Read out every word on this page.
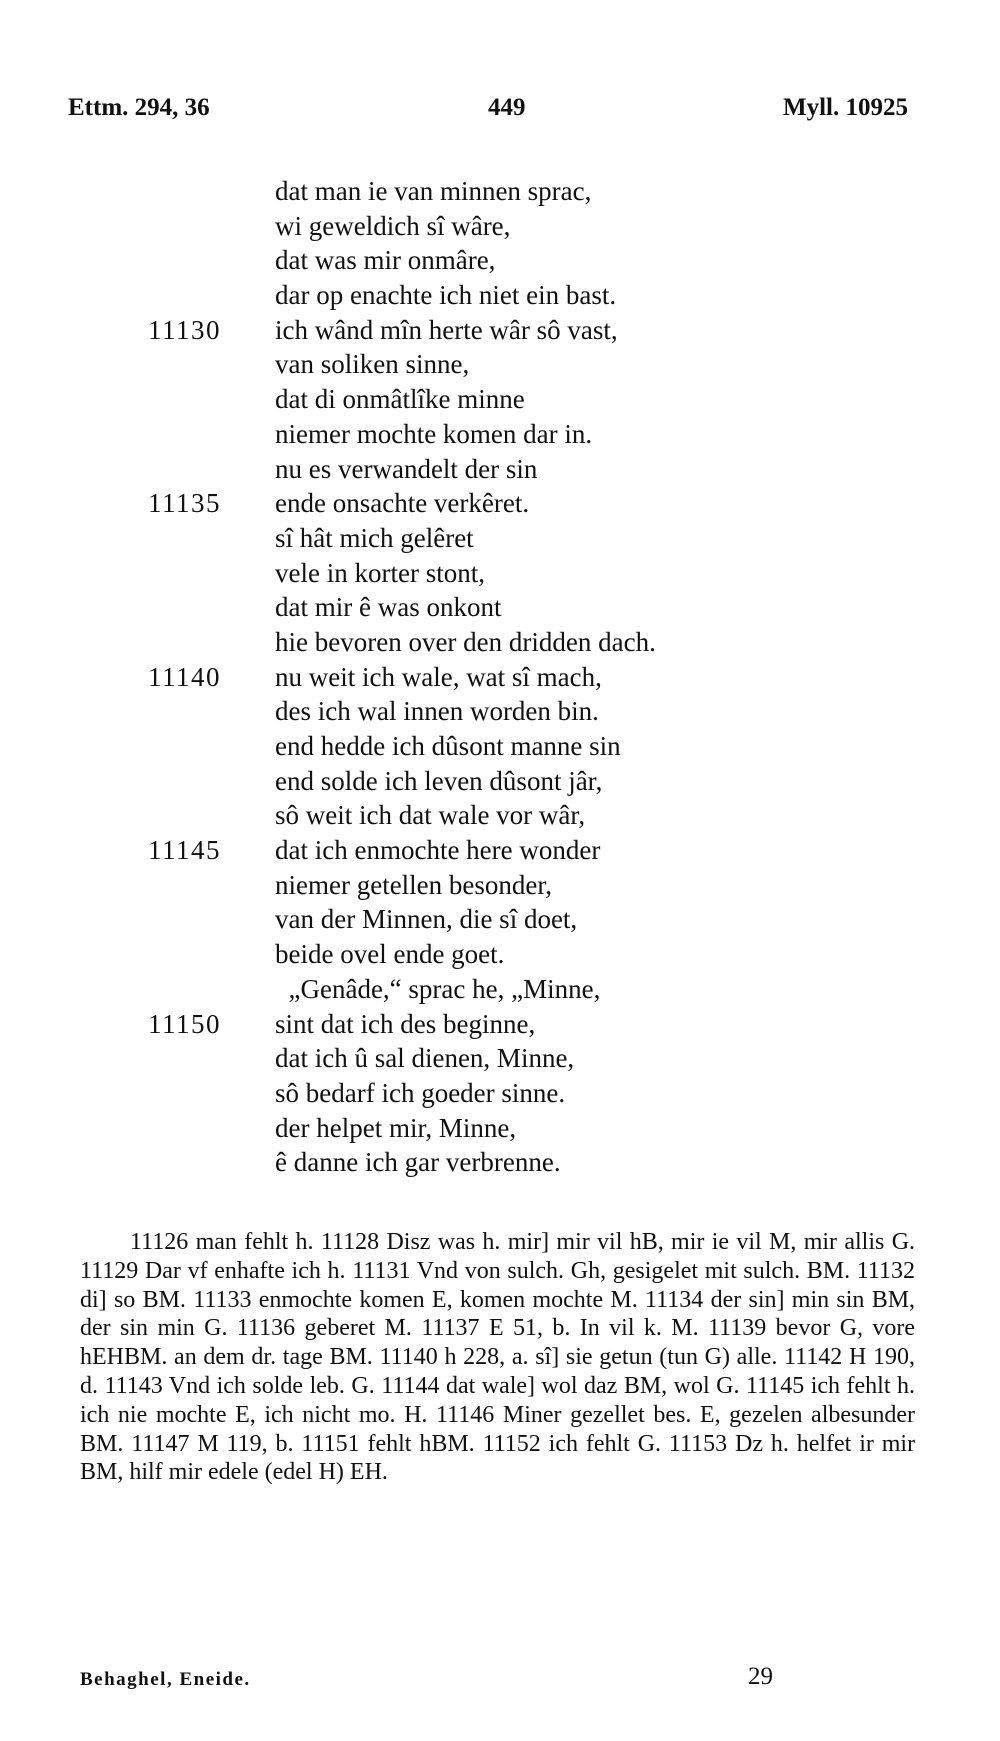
Ettm. 294, 36	449	Myll. 10925
dat man ie van minnen sprac,
wi geweldich sî wâre,
dat was mir onmâre,
dar op enachte ich niet ein bast.
11130	ich wând mîn herte wâr sô vast,
van soliken sinne,
dat di onmâtlîke minne
niemer mochte komen dar in.
nu es verwandelt der sin
11135	ende onsachte verkêret.
sî hât mich gelêret
vele in korter stont,
dat mir ê was onkont
hie bevoren over den dridden dach.
11140	nu weit ich wale, wat sî mach,
des ich wal innen worden bin.
end hedde ich dûsont manne sin
end solde ich leven dûsont jâr,
sô weit ich dat wale vor wâr,
11145	dat ich enmochte here wonder
niemer getellen besonder,
van der Minnen, die sî doet,
beide ovel ende goet.
„Genâde,“ sprac he, „Minne,
11150	sint dat ich des beginne,
dat ich û sal dienen, Minne,
sô bedarf ich goeder sinne.
der helpet mir, Minne,
ê danne ich gar verbrenne.
11126 man fehlt h. 11128 Disz was h. mir] mir vil hB, mir ie vil M, mir allis G. 11129 Dar vf enhafte ich h. 11131 Vnd von sulch. Gh, gesigelet mit sulch. BM. 11132 di] so BM. 11133 enmochte komen E, komen mochte M. 11134 der sin] min sin BM, der sin min G. 11136 geberet M. 11137 E 51, b. In vil k. M. 11139 bevor G, vore hEHBM. an dem dr. tage BM. 11140 h 228, a. sî] sie getun (tun G) alle. 11142 H 190, d. 11143 Vnd ich solde leb. G. 11144 dat wale] wol daz BM, wol G. 11145 ich fehlt h. ich nie mochte E, ich nicht mo. H. 11146 Miner gezellet bes. E, gezelen albesunder BM. 11147 M 119, b. 11151 fehlt hBM. 11152 ich fehlt G. 11153 Dz h. helfet ir mir BM, hilf mir edele (edel H) EH.
Behaghel, Eneide.	29
